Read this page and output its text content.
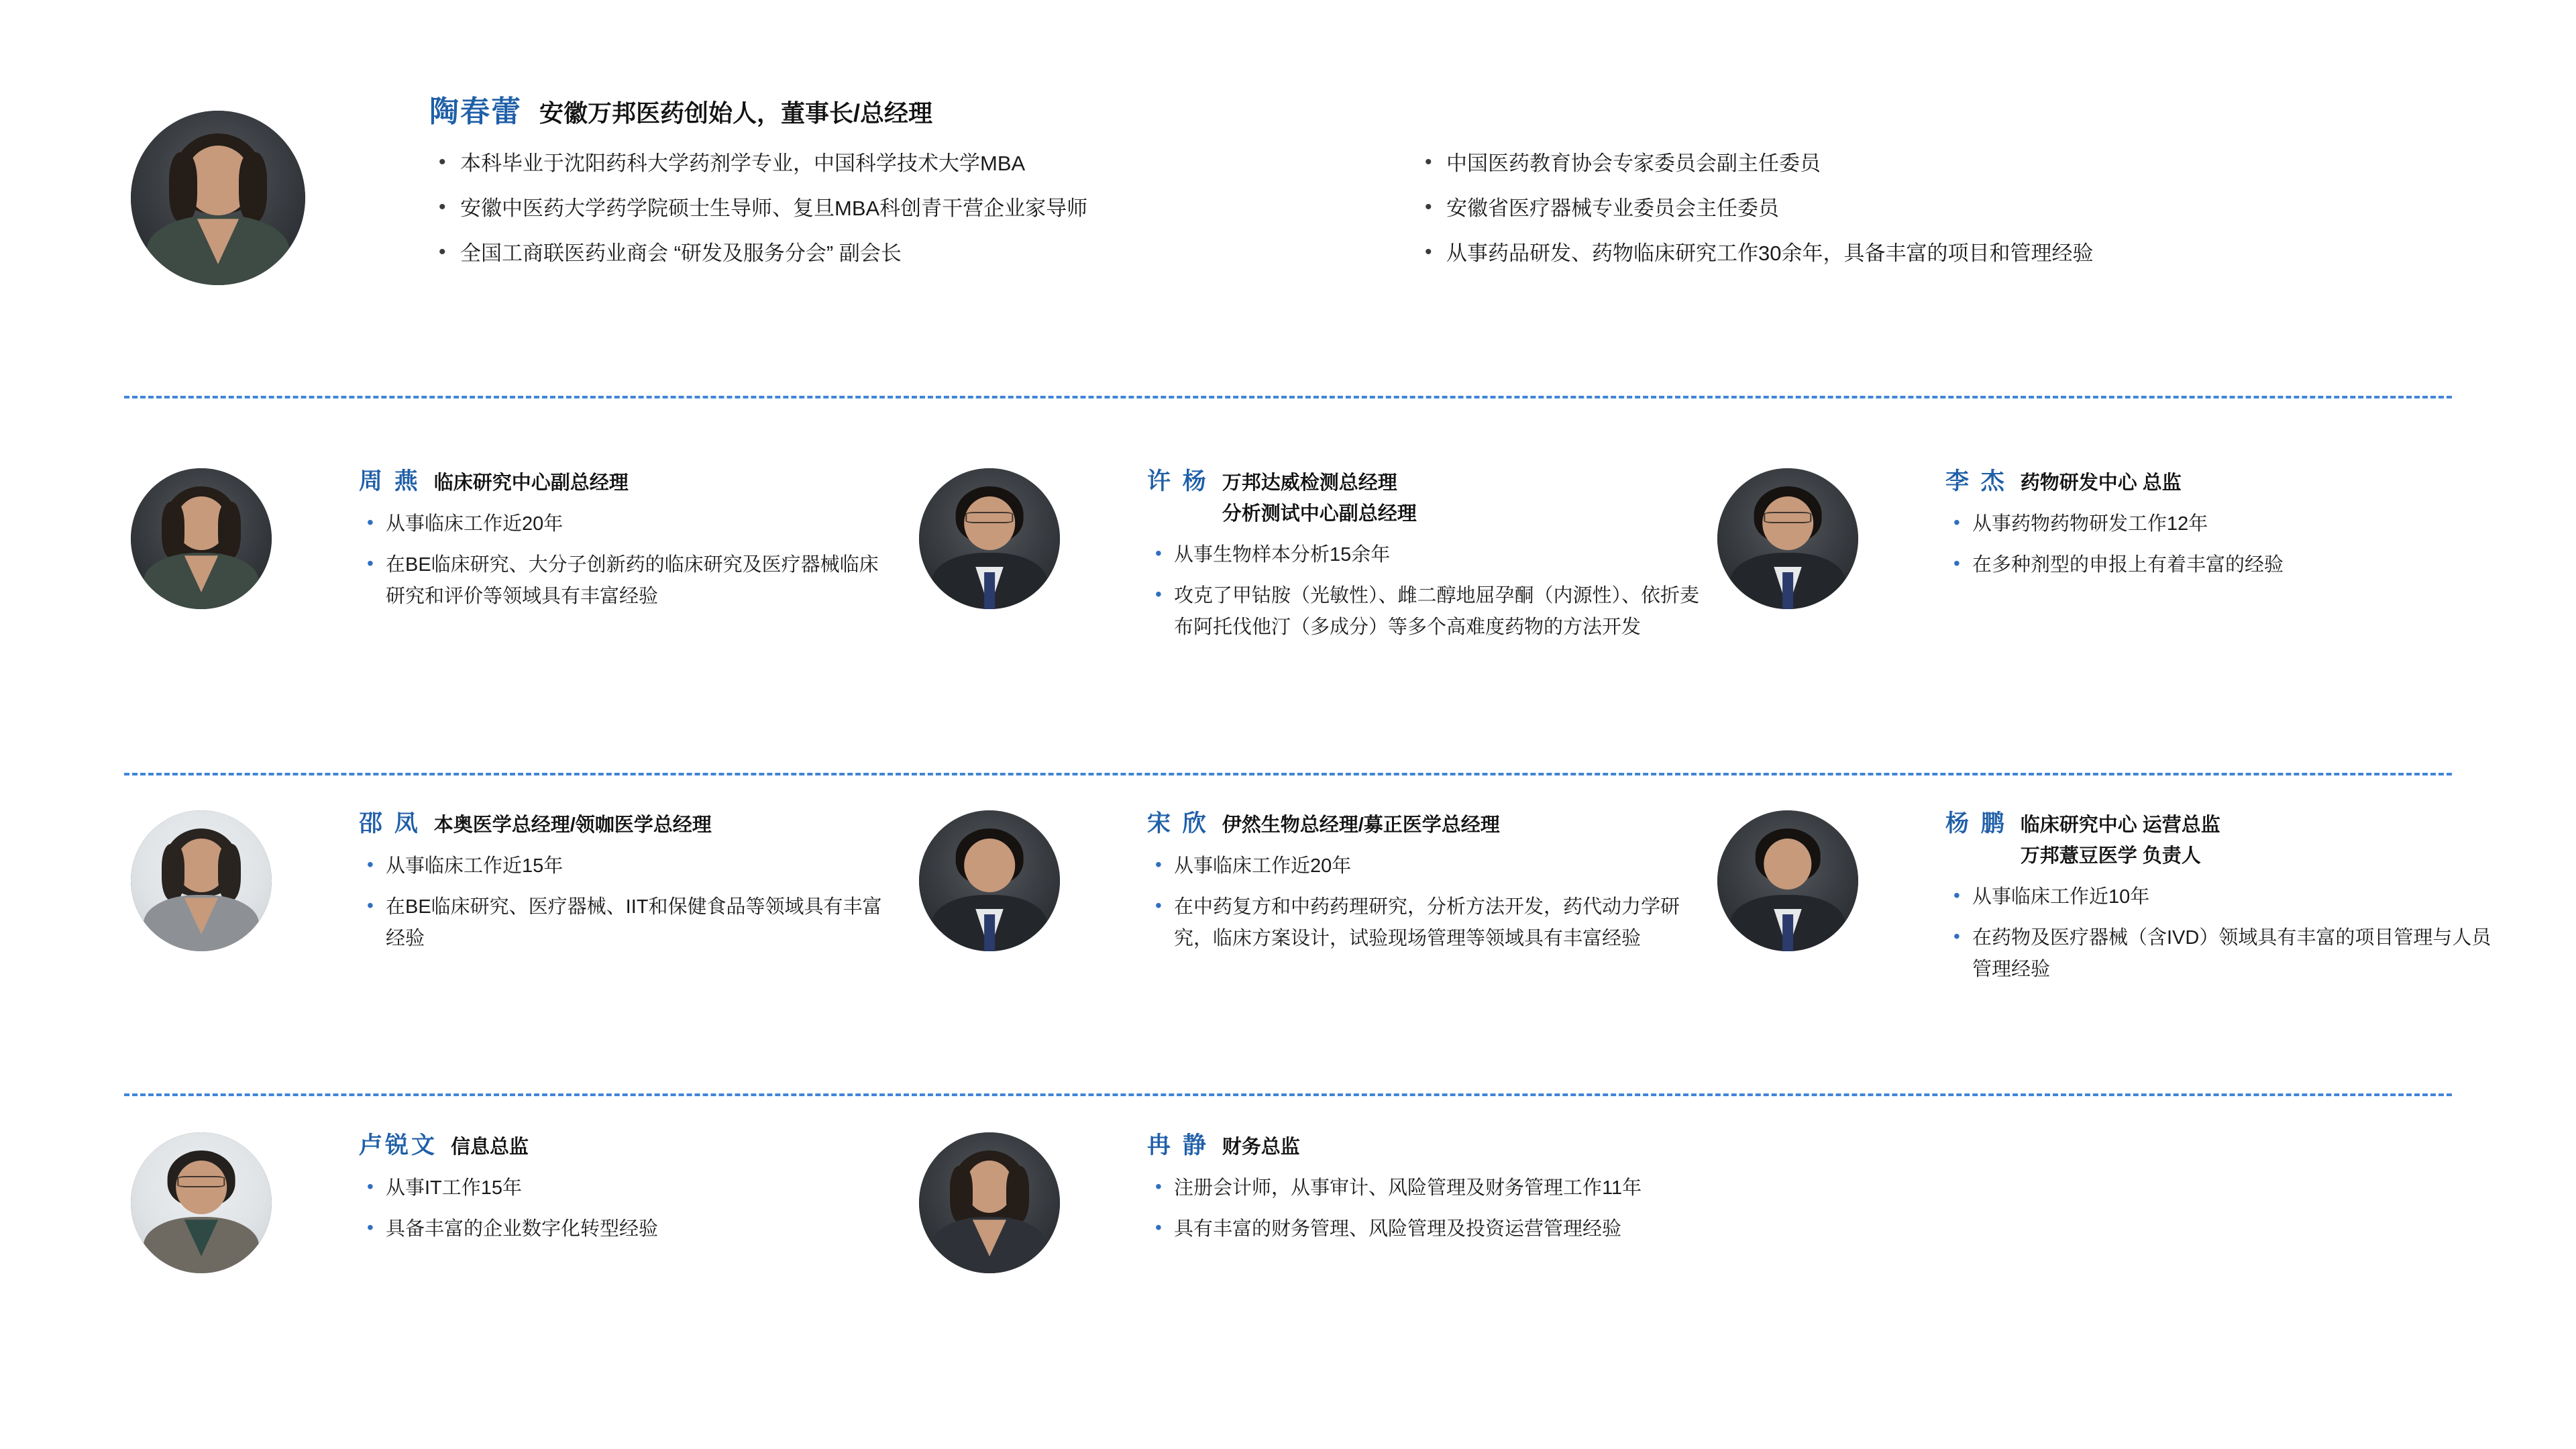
陶春蕾 安徽万邦医药创始人，董事长/总经理
• 本科毕业于沈阳药科大学药剂学专业，中国科学技术大学MBA
• 安徽中医药大学药学院硕士生导师、复旦MBA科创青干营企业家导师
• 全国工商联医药业商会 “研发及服务分会” 副会长
• 中国医药教育协会专家委员会副主任委员
• 安徽省医疗器械专业委员会主任委员
• 从事药品研发、药物临床研究工作30余年，具备丰富的项目和管理经验
周 燕 临床研究中心副总经理
• 从事临床工作近20年
• 在BE临床研究、大分子创新药的临床研究及医疗器械临床研究和评价等领域具有丰富经验
许 杨 万邦达威检测总经理
分析测试中心副总经理
• 从事生物样本分析15余年
• 攻克了甲钴胺（光敏性）、雌二醇地屈孕酮（内源性）、依折麦布阿托伐他汀（多成分）等多个高难度药物的方法开发
李 杰 药物研发中心 总监
• 从事药物药物研发工作12年
• 在多种剂型的申报上有着丰富的经验
邵 凤 本奥医学总经理/领咖医学总经理
• 从事临床工作近15年
• 在BE临床研究、医疗器械、IIT和保健食品等领域具有丰富经验
宋 欣 伊然生物总经理/募正医学总经理
• 从事临床工作近20年
• 在中药复方和中药药理研究，分析方法开发，药代动力学研究，临床方案设计，试验现场管理等领域具有丰富经验
杨 鹏 临床研究中心 运营总监
万邦薏豆医学 负责人
• 从事临床工作近10年
• 在药物及医疗器械（含IVD）领域具有丰富的项目管理与人员管理经验
卢锐文 信息总监
• 从事IT工作15年
• 具备丰富的企业数字化转型经验
冉 静 财务总监
• 注册会计师，从事审计、风险管理及财务管理工作11年
• 具有丰富的财务管理、风险管理及投资运营管理经验
